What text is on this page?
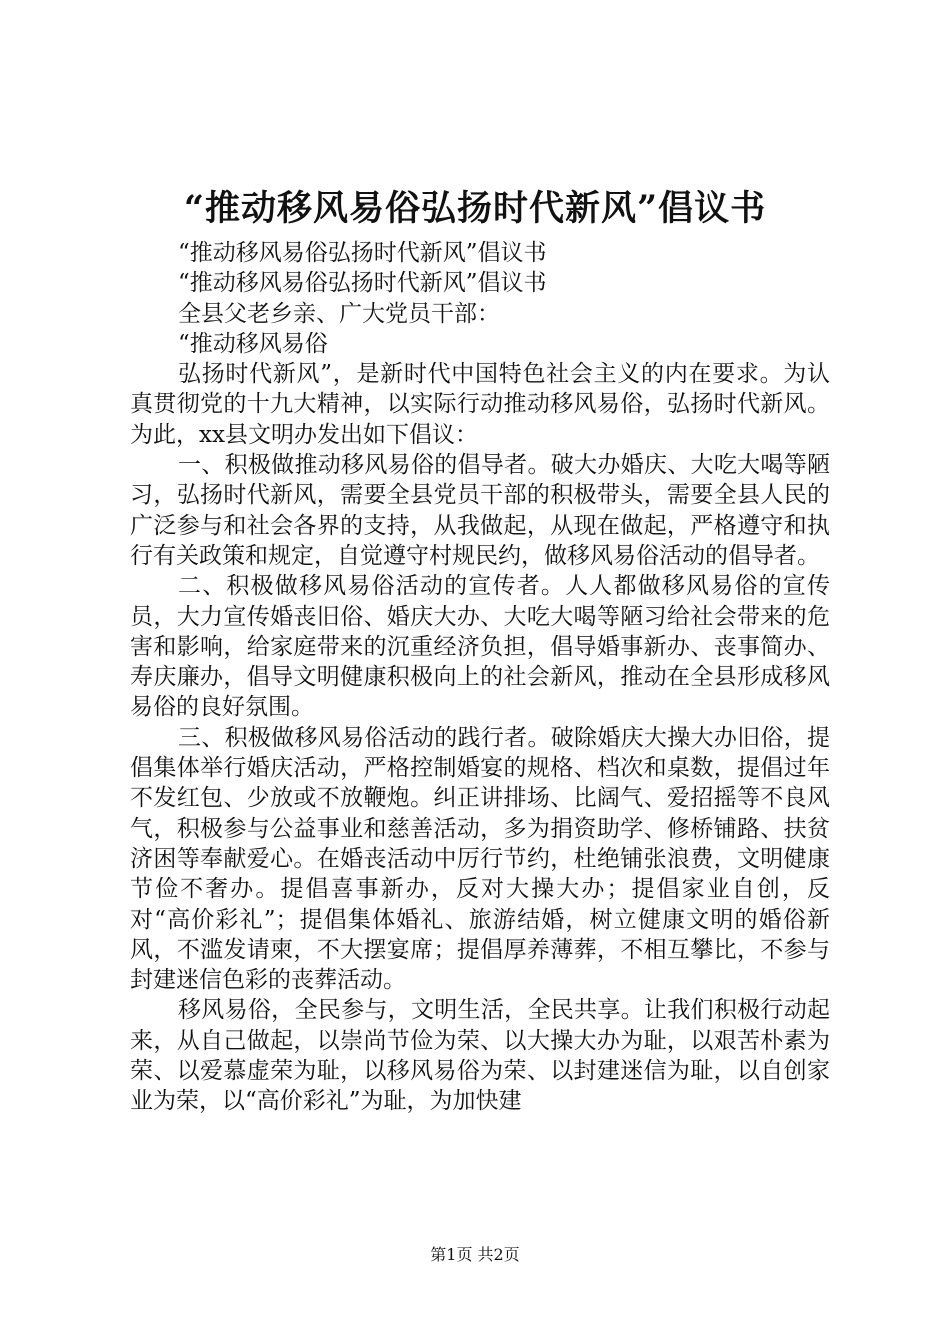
“推动移风易俗弘扬时代新风”倡议书

“推动移风易俗弘扬时代新风”倡议书

“推动移风易俗弘扬时代新风”倡议书

全县父老乡亲、广大党员干部：

“推动移风易俗

弘扬时代新风”，是新时代中国特色社会主义的内在要求。为认真贯彻党的十九大精神，以实际行动推动移风易俗，弘扬时代新风。为此，xx县文明办发出如下倡议：

一、积极做推动移风易俗的倡导者。破大办婚庆、大吃大喝等陋习，弘扬时代新风，需要全县党员干部的积极带头，需要全县人民的广泛参与和社会各界的支持，从我做起，从现在做起，严格遵守和执行有关政策和规定，自觉遵守村规民约，做移风易俗活动的倡导者。

二、积极做移风易俗活动的宣传者。人人都做移风易俗的宣传员，大力宣传婚丧旧俗、婚庆大办、大吃大喝等陋习给社会带来的危害和影响，给家庭带来的沉重经济负担，倡导婚事新办、丧事简办、寿庆廉办，倡导文明健康积极向上的社会新风，推动在全县形成移风易俗的良好氛围。

三、积极做移风易俗活动的践行者。破除婚庆大操大办旧俗，提倡集体举行婚庆活动，严格控制婚宴的规格、档次和桌数，提倡过年不发红包、少放或不放鞭炮。纠正讲排场、比阔气、爱招摇等不良风气，积极参与公益事业和慈善活动，多为捐资助学、修桥铺路、扶贫济困等奉献爱心。在婚丧活动中厉行节约，杜绝铺张浪费，文明健康节俭不奢办。提倡喜事新办，反对大操大办；提倡家业自创，反对“高价彩礼”；提倡集体婚礼、旅游结婚，树立健康文明的婚俗新风，不滥发请柬，不大摆宴席；提倡厚养薄葬，不相互攀比，不参与封建迷信色彩的丧葬活动。

移风易俗，全民参与，文明生活，全民共享。让我们积极行动起来，从自己做起，以崇尚节俭为荣、以大操大办为耻，以艰苦朴素为荣、以爱慕虚荣为耻，以移风易俗为荣、以封建迷信为耻，以自创家业为荣，以“高价彩礼”为耻，为加快建

第1页 共2页
